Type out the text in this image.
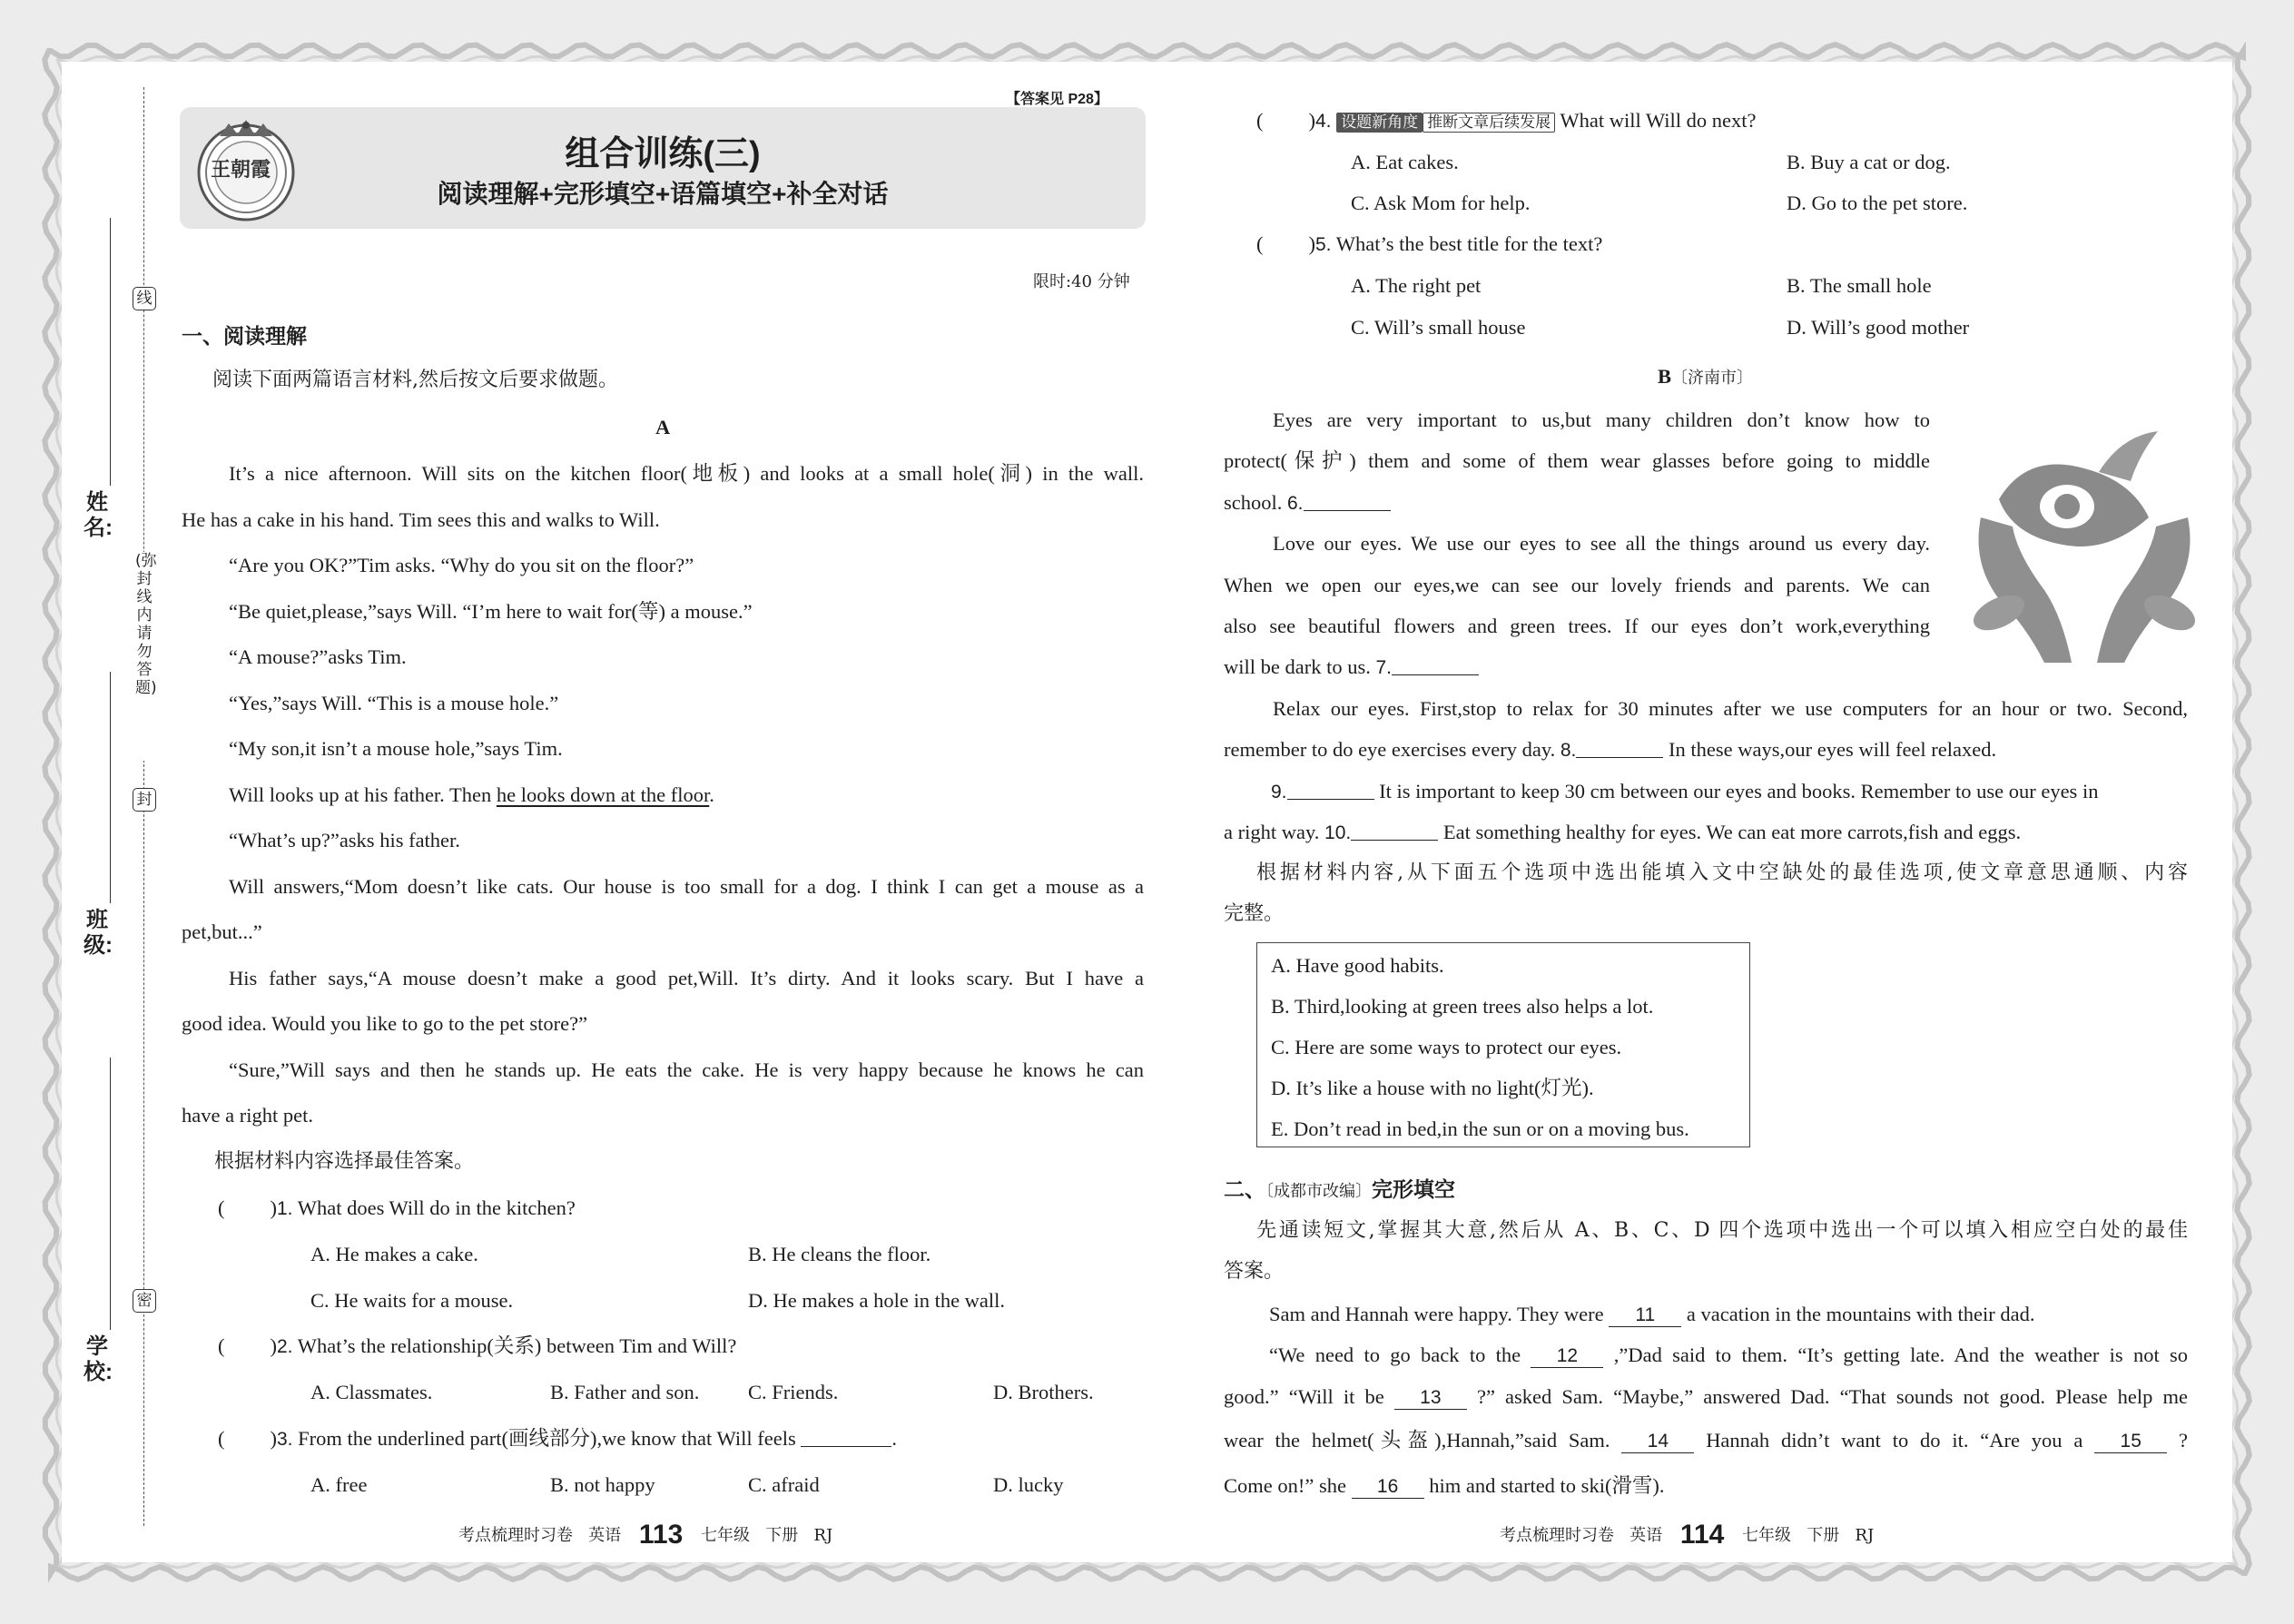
线
封
密
(弥封线内请勿答题)
姓名:
班级:
学校:
【答案见 P28】
王朝霞	组合训练(三)
阅读理解+完形填空+语篇填空+补全对话
限时:40 分钟
一、阅读理解
阅读下面两篇语言材料,然后按文后要求做题。
A
It’s a nice afternoon. Will sits on the kitchen floor(地板) and looks at a small hole(洞) in the wall.
He has a cake in his hand. Tim sees this and walks to Will.
“Are you OK?”Tim asks. “Why do you sit on the floor?”
“Be quiet,please,”says Will. “I’m here to wait for(等) a mouse.”
“A mouse?”asks Tim.
“Yes,”says Will. “This is a mouse hole.”
“My son,it isn’t a mouse hole,”says Tim.
Will looks up at his father. Then he looks down at the floor.
“What’s up?”asks his father.
Will answers,“Mom doesn’t like cats. Our house is too small for a dog. I think I can get a mouse as a
pet,but...”
His father says,“A mouse doesn’t make a good pet,Will. It’s dirty. And it looks scary. But I have a
good idea. Would you like to go to the pet store?”
“Sure,”Will says and then he stands up. He eats the cake. He is very happy because he knows he can
have a right pet.
根据材料内容选择最佳答案。
( )1. What does Will do in the kitchen?
A. He makes a cake.	B. He cleans the floor.
C. He waits for a mouse.	D. He makes a hole in the wall.
( )2. What’s the relationship(关系) between Tim and Will?
A. Classmates.	B. Father and son. C. Friends.	D. Brothers.
( )3. From the underlined part(画线部分),we know that Will feels	.
A. free	B. not happy	C. afraid	D. lucky
( )4. 设题新角度 推断文章后续发展 What will Will do next?
A. Eat cakes.	B. Buy a cat or dog.
C. Ask Mom for help.	D. Go to the pet store.
( )5. What’s the best title for the text?
A. The right pet	B. The small hole
C. Will’s small house	D. Will’s good mother
B〔济南市〕
Eyes are very important to us,but many children don’t know how to
protect(保护) them and some of them wear glasses before going to middle
school. 6.
Love our eyes. We use our eyes to see all the things around us every day.
When we open our eyes,we can see our lovely friends and parents. We can
also see beautiful flowers and green trees. If our eyes don’t work,everything
will be dark to us. 7.
Relax our eyes. First,stop to relax for 30 minutes after we use computers for an hour or two. Second,
remember to do eye exercises every day. 8.	In these ways,our eyes will feel relaxed.
9.	It is important to keep 30 cm between our eyes and books. Remember to use our eyes in
a right way. 10.	Eat something healthy for eyes. We can eat more carrots,fish and eggs.
根据材料内容,从下面五个选项中选出能填入文中空缺处的最佳选项,使文章意思通顺、内容
完整。
A. Have good habits.
B. Third,looking at green trees also helps a lot.
C. Here are some ways to protect our eyes.
D. It’s like a house with no light(灯光).
E. Don’t read in bed,in the sun or on a moving bus.
二、〔成都市改编〕完形填空
先通读短文,掌握其大意,然后从 A、B、C、D 四个选项中选出一个可以填入相应空白处的最佳
答案。
Sam and Hannah were happy. They were 11 a vacation in the mountains with their dad.
“We need to go back to the 12 ,”Dad said to them. “It’s getting late. And the weather is not so
good.” “Will it be 13 ?” asked Sam. “Maybe,” answered Dad. “That sounds not good. Please help me
wear the helmet(头盔),Hannah,”said Sam. 14 Hannah didn’t want to do it. “Are you a 15 ?
Come on!” she 16 him and started to ski(滑雪).
考点梳理时习卷 英语 113 七年级 下册 RJ	考点梳理时习卷 英语 114 七年级 下册 RJ
